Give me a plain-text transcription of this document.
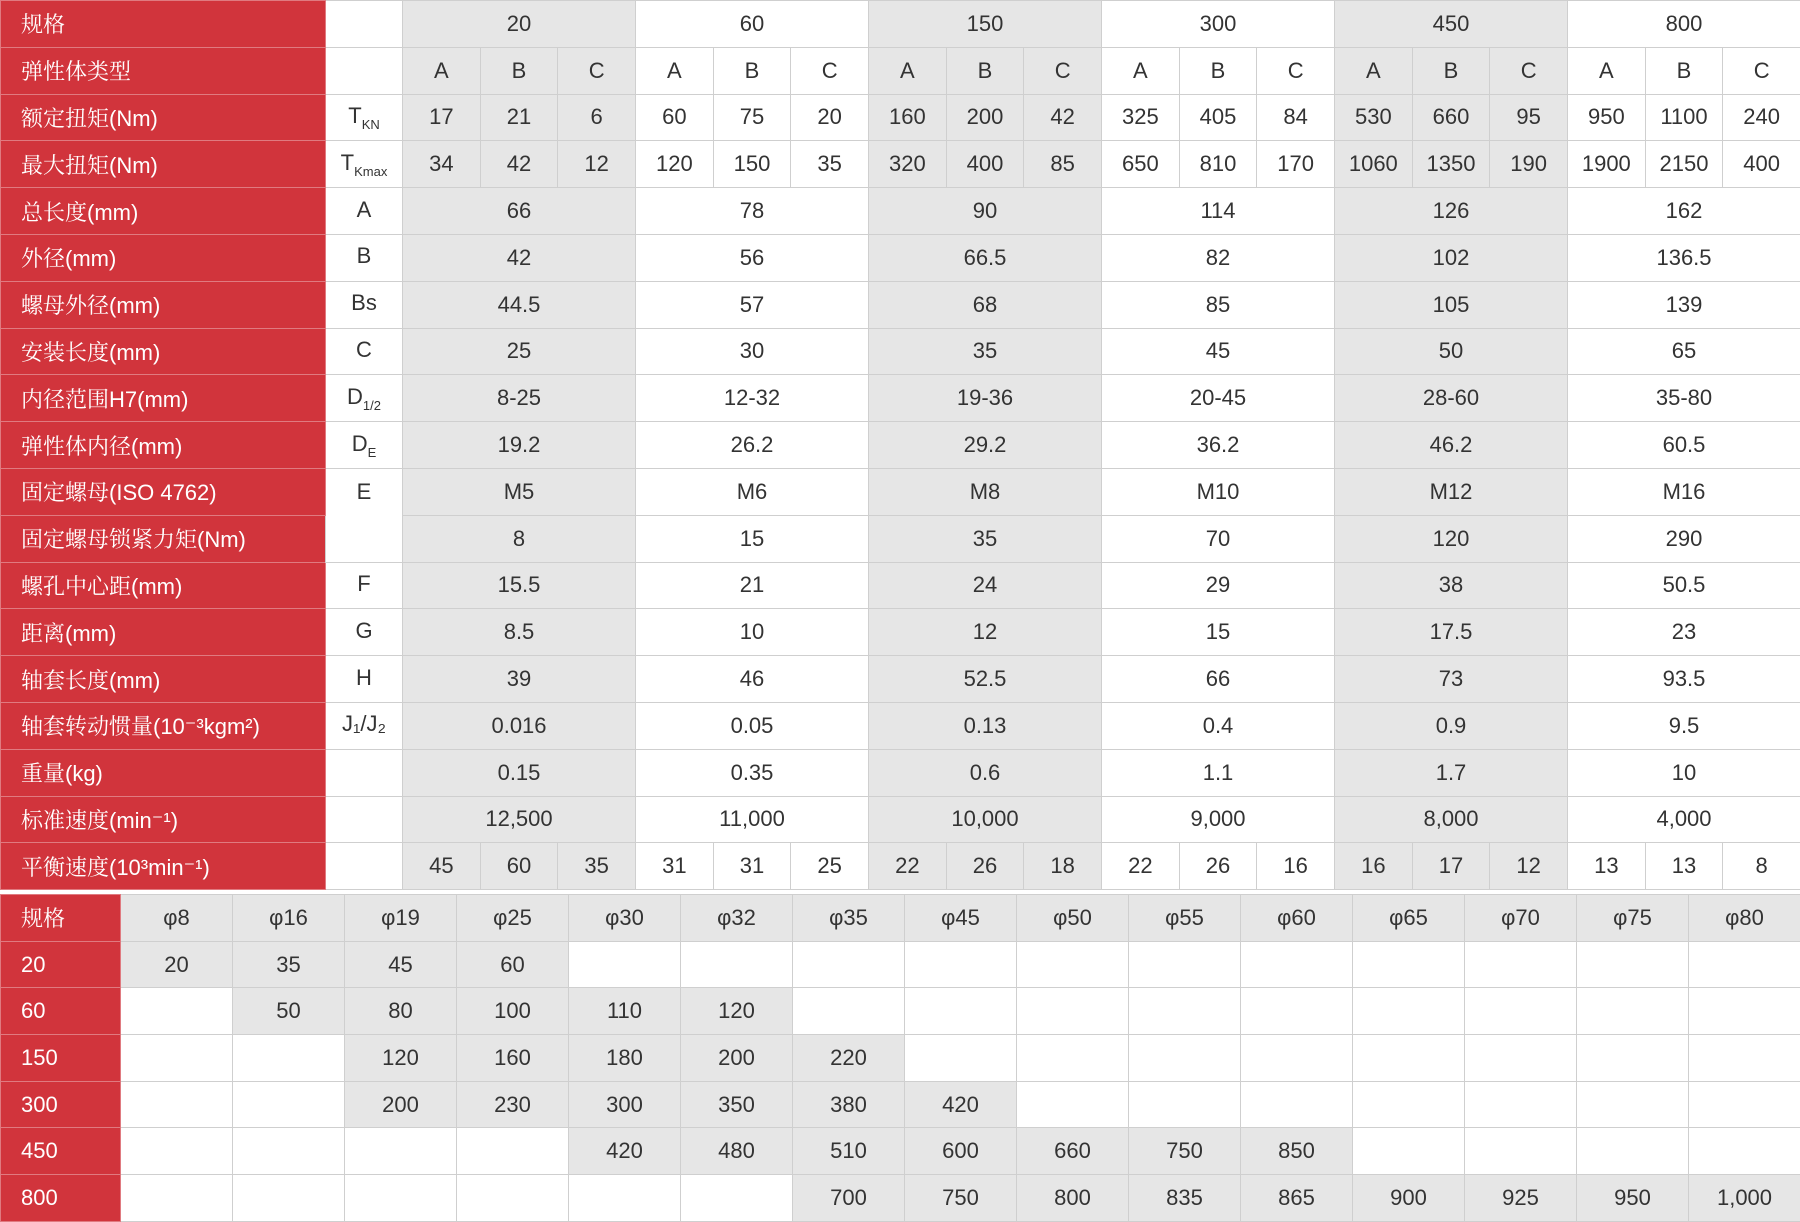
规格		20			60			150			300			450			800		
弹性体类型		A	B	C	A	B	C	A	B	C	A	B	C	A	B	C	A	B	C
额定扭矩(Nm)	$T_{KN}$	17	21	6	60	75	20	160	200	42	325	405	84	530	660	95	950	1100	240
最大扭矩(Nm)	$T_{Kmax}$	34	42	12	120	150	35	320	400	85	650	810	170	1060	1350	190	1900	2150	400
总长度(mm)	A	66			78			90			114			126			162		
外径(mm)	B	42			56			66.5			82			102			136.5		
螺母外径(mm)	Bs	44.5			57			68			85			105			139		
安装长度(mm)	C	25			30			35			45			50			65		
内径范围H7(mm)	$D_{1/2}$	8-25			12-32			19-36			20-45			28-60			35-80		
弹性体内径(mm)	$D_E$	19.2			26.2			29.2			36.2			46.2			60.5		
固定螺母(ISO 4762)	E	M5			M6			M8			M10			M12			M16		
固定螺母锁紧力矩(Nm)		8			15			35			70			120			290		
螺孔中心距(mm)	F	15.5			21			24			29			38			50.5		
距离(mm)	G	8.5			10			12			15			17.5			23		
轴套长度(mm)	H	39			46			52.5			66			73			93.5		
轴套转动惯量(10⁻³kgm²)	J₁/J₂	0.016			0.05			0.13			0.4			0.9			9.5		
重量(kg)		0.15			0.35			0.6			1.1			1.7			10		
标准速度(min⁻¹)		12,500			11,000			10,000			9,000			8,000			4,000		
平衡速度(10³min⁻¹)		45	60	35	31	31	25	22	26	18	22	26	16	16	17	12	13	13	8
规格	φ8	φ16	φ19	φ25	φ30	φ32	φ35	φ45	φ50	φ55	φ60	φ65	φ70	φ75	φ80
20	20	35	45	60											
60		50	80	100	110	120									
150			120	160	180	200	220								
300			200	230	300	350	380	420							
450					420	480	510	600	660	750	850				
800							700	750	800	835	865	900	925	950	1,000
